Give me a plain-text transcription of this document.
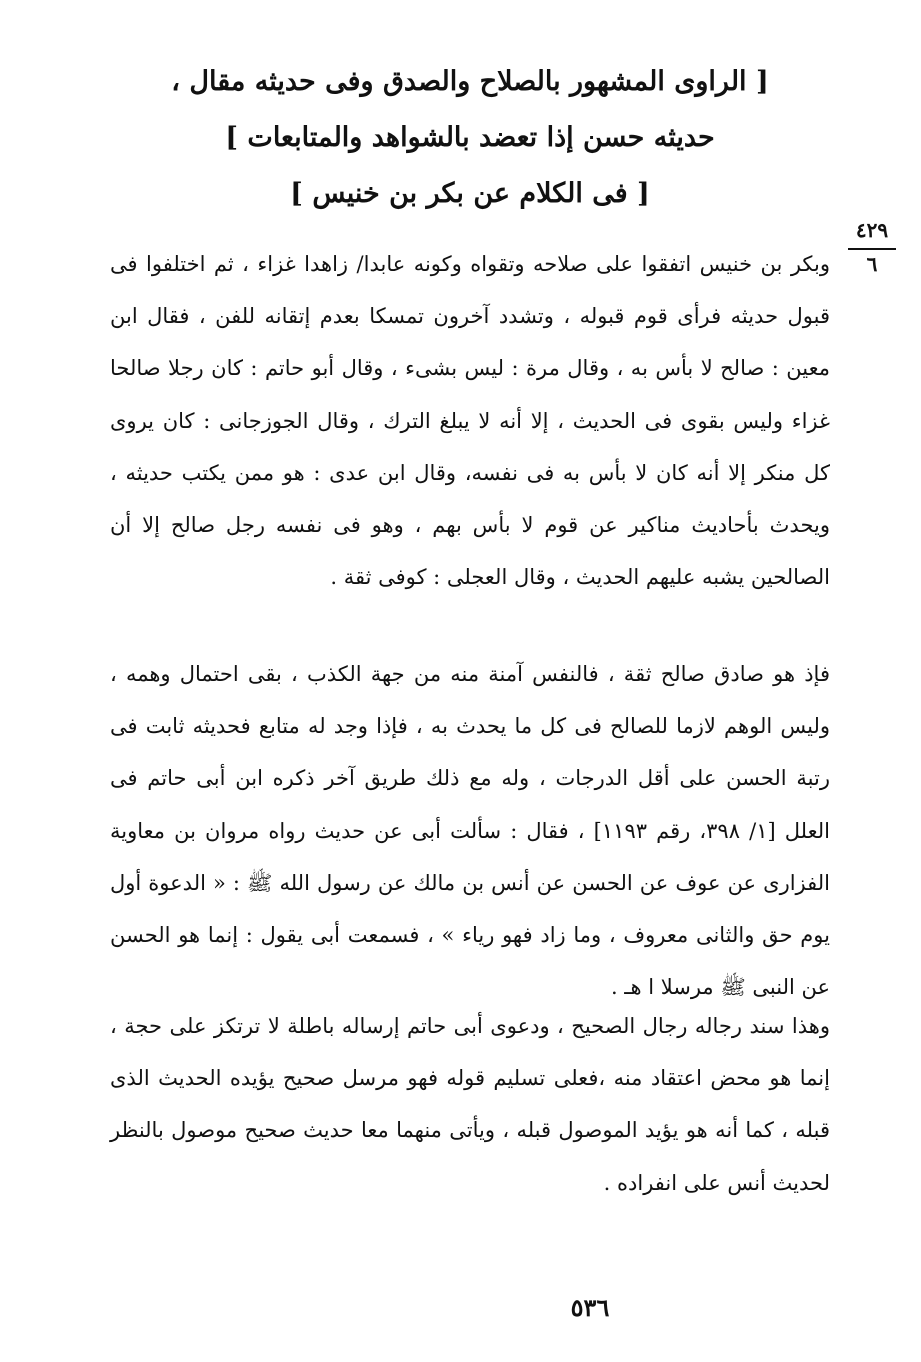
[ الراوى المشهور بالصلاح والصدق وفى حديثه مقال ،
حديثه حسن إذا تعضد بالشواهد والمتابعات ]
[ فى الكلام عن بكر بن خنيس ]
٤٢٩
٦
وبكر بن خنيس اتفقوا على صلاحه وتقواه وكونه عابدا/ زاهدا غزاء ، ثم اختلفوا فى قبول حديثه فرأى قوم قبوله ، وتشدد آخرون تمسكا بعدم إتقانه للفن ، فقال ابن معين : صالح لا بأس به ، وقال مرة : ليس بشىء ، وقال أبو حاتم : كان رجلا صالحا غزاء وليس بقوى فى الحديث ، إلا أنه لا يبلغ الترك ، وقال الجوزجانى : كان يروى كل منكر إلا أنه كان لا بأس به فى نفسه، وقال ابن عدى : هو ممن يكتب حديثه ، ويحدث بأحاديث مناكير عن قوم لا بأس بهم ، وهو فى نفسه رجل صالح إلا أن الصالحين يشبه عليهم الحديث ، وقال العجلى : كوفى ثقة .
فإذ هو صادق صالح ثقة ، فالنفس آمنة منه من جهة الكذب ، بقى احتمال وهمه ، وليس الوهم لازما للصالح فى كل ما يحدث به ، فإذا وجد له متابع فحديثه ثابت فى رتبة الحسن على أقل الدرجات ، وله مع ذلك طريق آخر ذكره ابن أبى حاتم فى العلل [١/ ٣٩٨، رقم ١١٩٣] ، فقال : سألت أبى عن حديث رواه مروان بن معاوية الفزارى عن عوف عن الحسن عن أنس بن مالك عن رسول الله ﷺ : « الدعوة أول يوم حق والثانى معروف ، وما زاد فهو رياء » ، فسمعت أبى يقول : إنما هو الحسن عن النبى ﷺ مرسلا ا هـ .
وهذا سند رجاله رجال الصحيح ، ودعوى أبى حاتم إرساله باطلة لا ترتكز على حجة ، إنما هو محض اعتقاد منه ،فعلى تسليم قوله فهو مرسل صحيح يؤيده الحديث الذى قبله ، كما أنه هو يؤيد الموصول قبله ، ويأتى منهما معا حديث صحيح موصول بالنظر لحديث أنس على انفراده .
٥٣٦
